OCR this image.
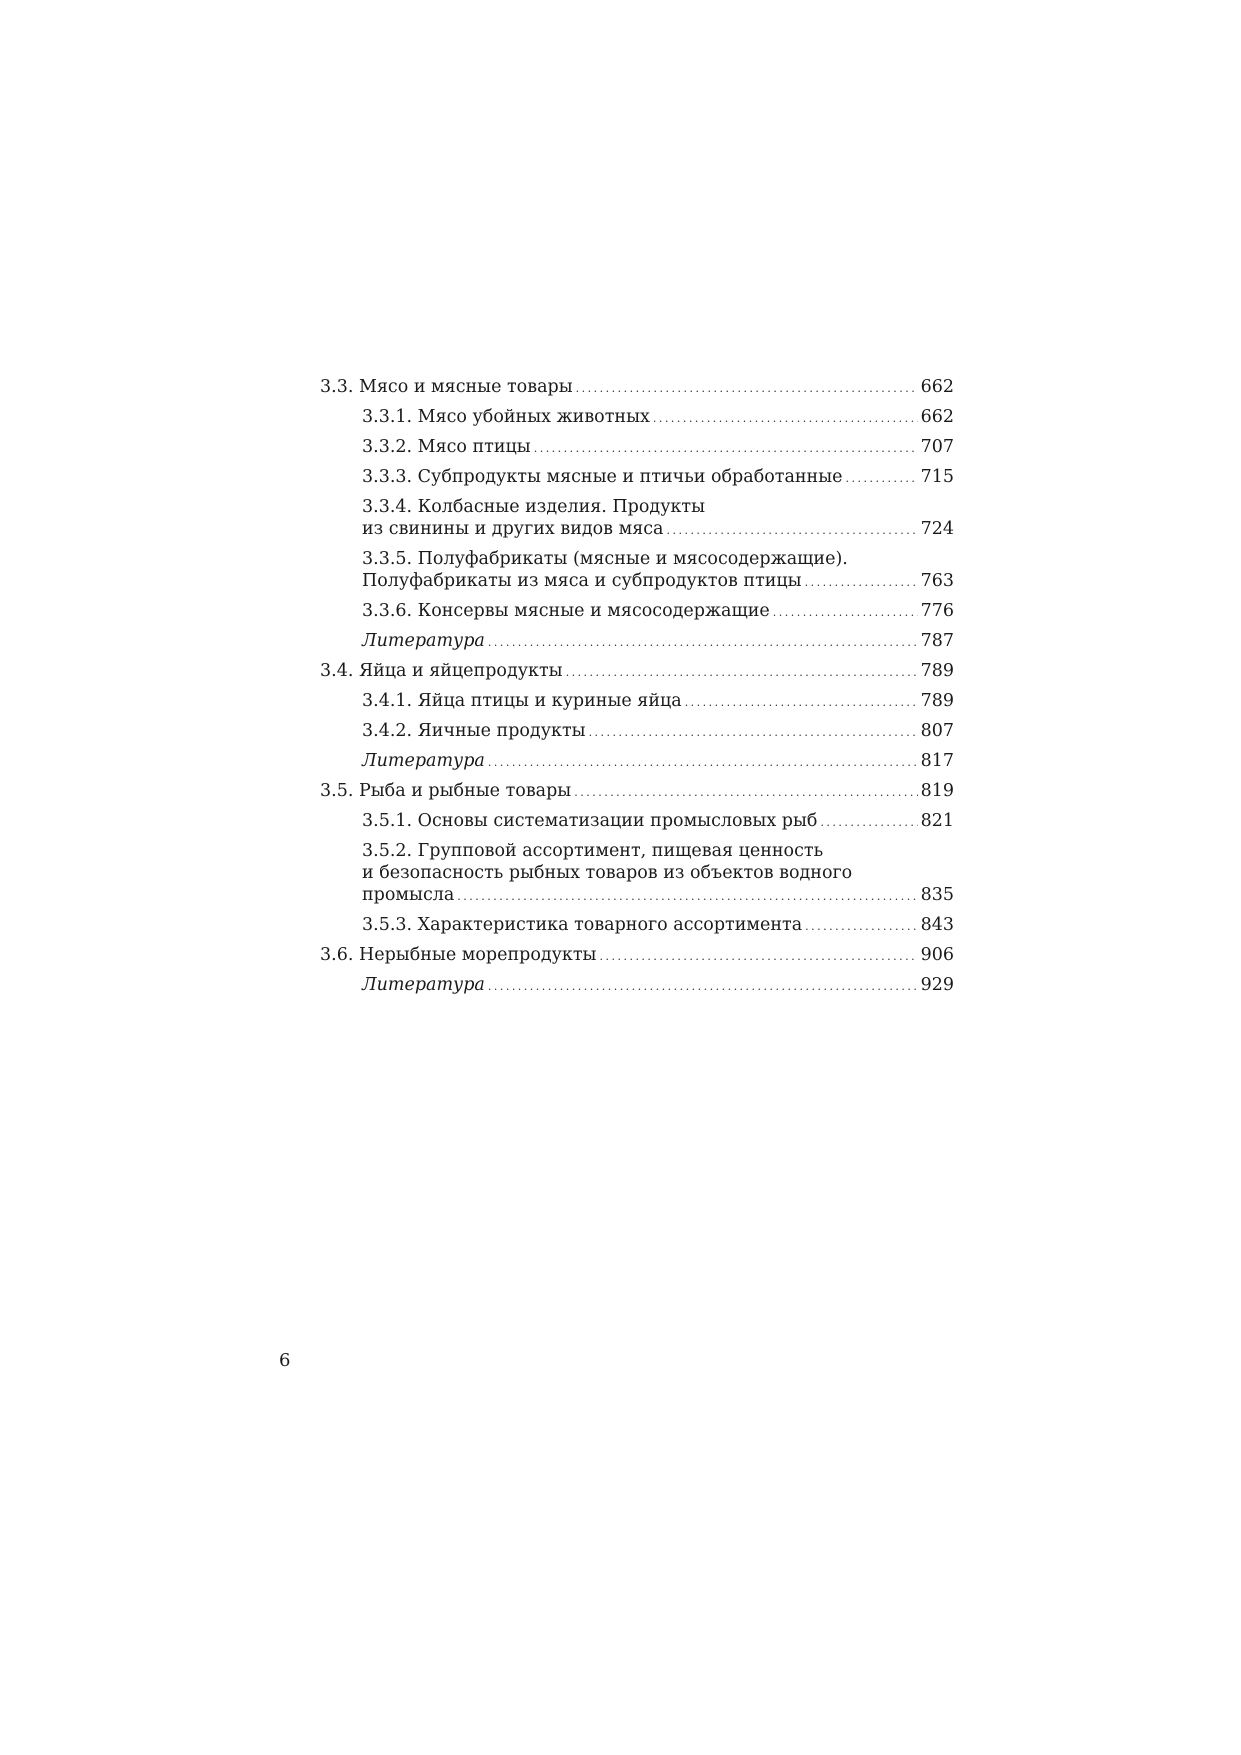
3.3. Мясо и мясные товары . . .	662
3.3.1. Мясо убойных животных . . .	662
3.3.2. Мясо птицы . . .	707
3.3.3. Субпродукты мясные и птичьи обработанные . . .	715
3.3.4. Колбасные изделия. Продукты
из свинины и других видов мяса . . .	724
3.3.5. Полуфабрикаты (мясные и мясосодержащие).
Полуфабрикаты из мяса и субпродуктов птицы . . .	763
3.3.6. Консервы мясные и мясосодержащие . . .	776
Литература . . .	787
3.4. Яйца и яйцепродукты . . .	789
3.4.1. Яйца птицы и куриные яйца . . .	789
3.4.2. Яичные продукты . . .	807
Литература . . .	817
3.5. Рыба и рыбные товары . . .	819
3.5.1. Основы систематизации промысловых рыб . . .	821
3.5.2. Групповой ассортимент, пищевая ценность
и безопасность рыбных товаров из объектов водного
промысла . . .	835
3.5.3. Характеристика товарного ассортимента . . .	843
3.6. Нерыбные морепродукты . . .	906
Литература . . .	929
6
